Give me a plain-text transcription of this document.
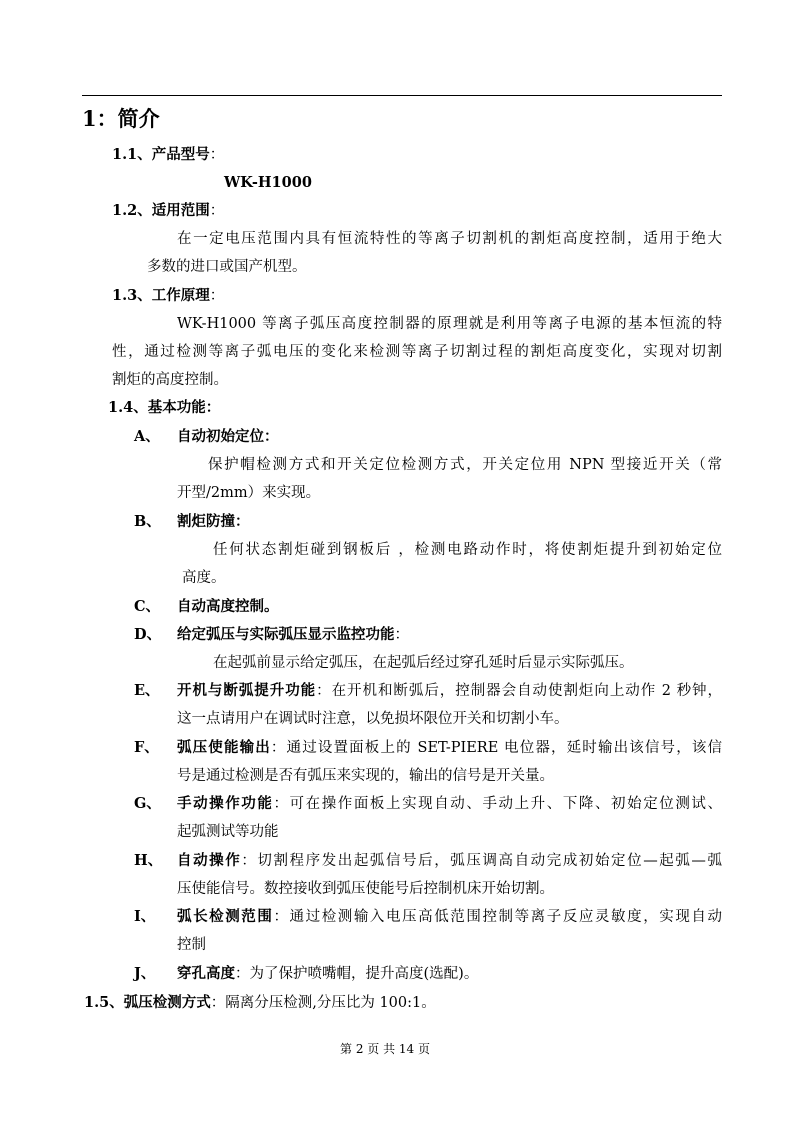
1：简介
1.1、产品型号：
WK-H1000
1.2、适用范围：
在一定电压范围内具有恒流特性的等离子切割机的割炬高度控制，适用于绝大
多数的进口或国产机型。
1.3、工作原理：
WK-H1000 等离子弧压高度控制器的原理就是利用等离子电源的基本恒流的特
性，通过检测等离子弧电压的变化来检测等离子切割过程的割炬高度变化，实现对切割
割炬的高度控制。
1.4、基本功能：
A、 自动初始定位：
保护帽检测方式和开关定位检测方式，开关定位用 NPN 型接近开关（常
开型/2mm）来实现。
B、 割炬防撞：
任何状态割炬碰到钢板后 ，检测电路动作时，将使割炬提升到初始定位
高度。
C、 自动高度控制。
D、 给定弧压与实际弧压显示监控功能：
在起弧前显示给定弧压，在起弧后经过穿孔延时后显示实际弧压。
E、 开机与断弧提升功能：在开机和断弧后，控制器会自动使割炬向上动作 2 秒钟，
这一点请用户在调试时注意，以免损坏限位开关和切割小车。
F、 弧压使能输出：通过设置面板上的 SET-PIERE 电位器，延时输出该信号，该信
号是通过检测是否有弧压来实现的，输出的信号是开关量。
G、 手动操作功能：可在操作面板上实现自动、手动上升、下降、初始定位测试、
起弧测试等功能
H、 自动操作：切割程序发出起弧信号后，弧压调高自动完成初始定位—起弧—弧
压使能信号。数控接收到弧压使能号后控制机床开始切割。
I、 弧长检测范围：通过检测输入电压高低范围控制等离子反应灵敏度，实现自动
控制
J、 穿孔高度：为了保护喷嘴帽，提升高度(选配)。
1.5、弧压检测方式：隔离分压检测,分压比为 100:1。
第 2 页 共 14 页
